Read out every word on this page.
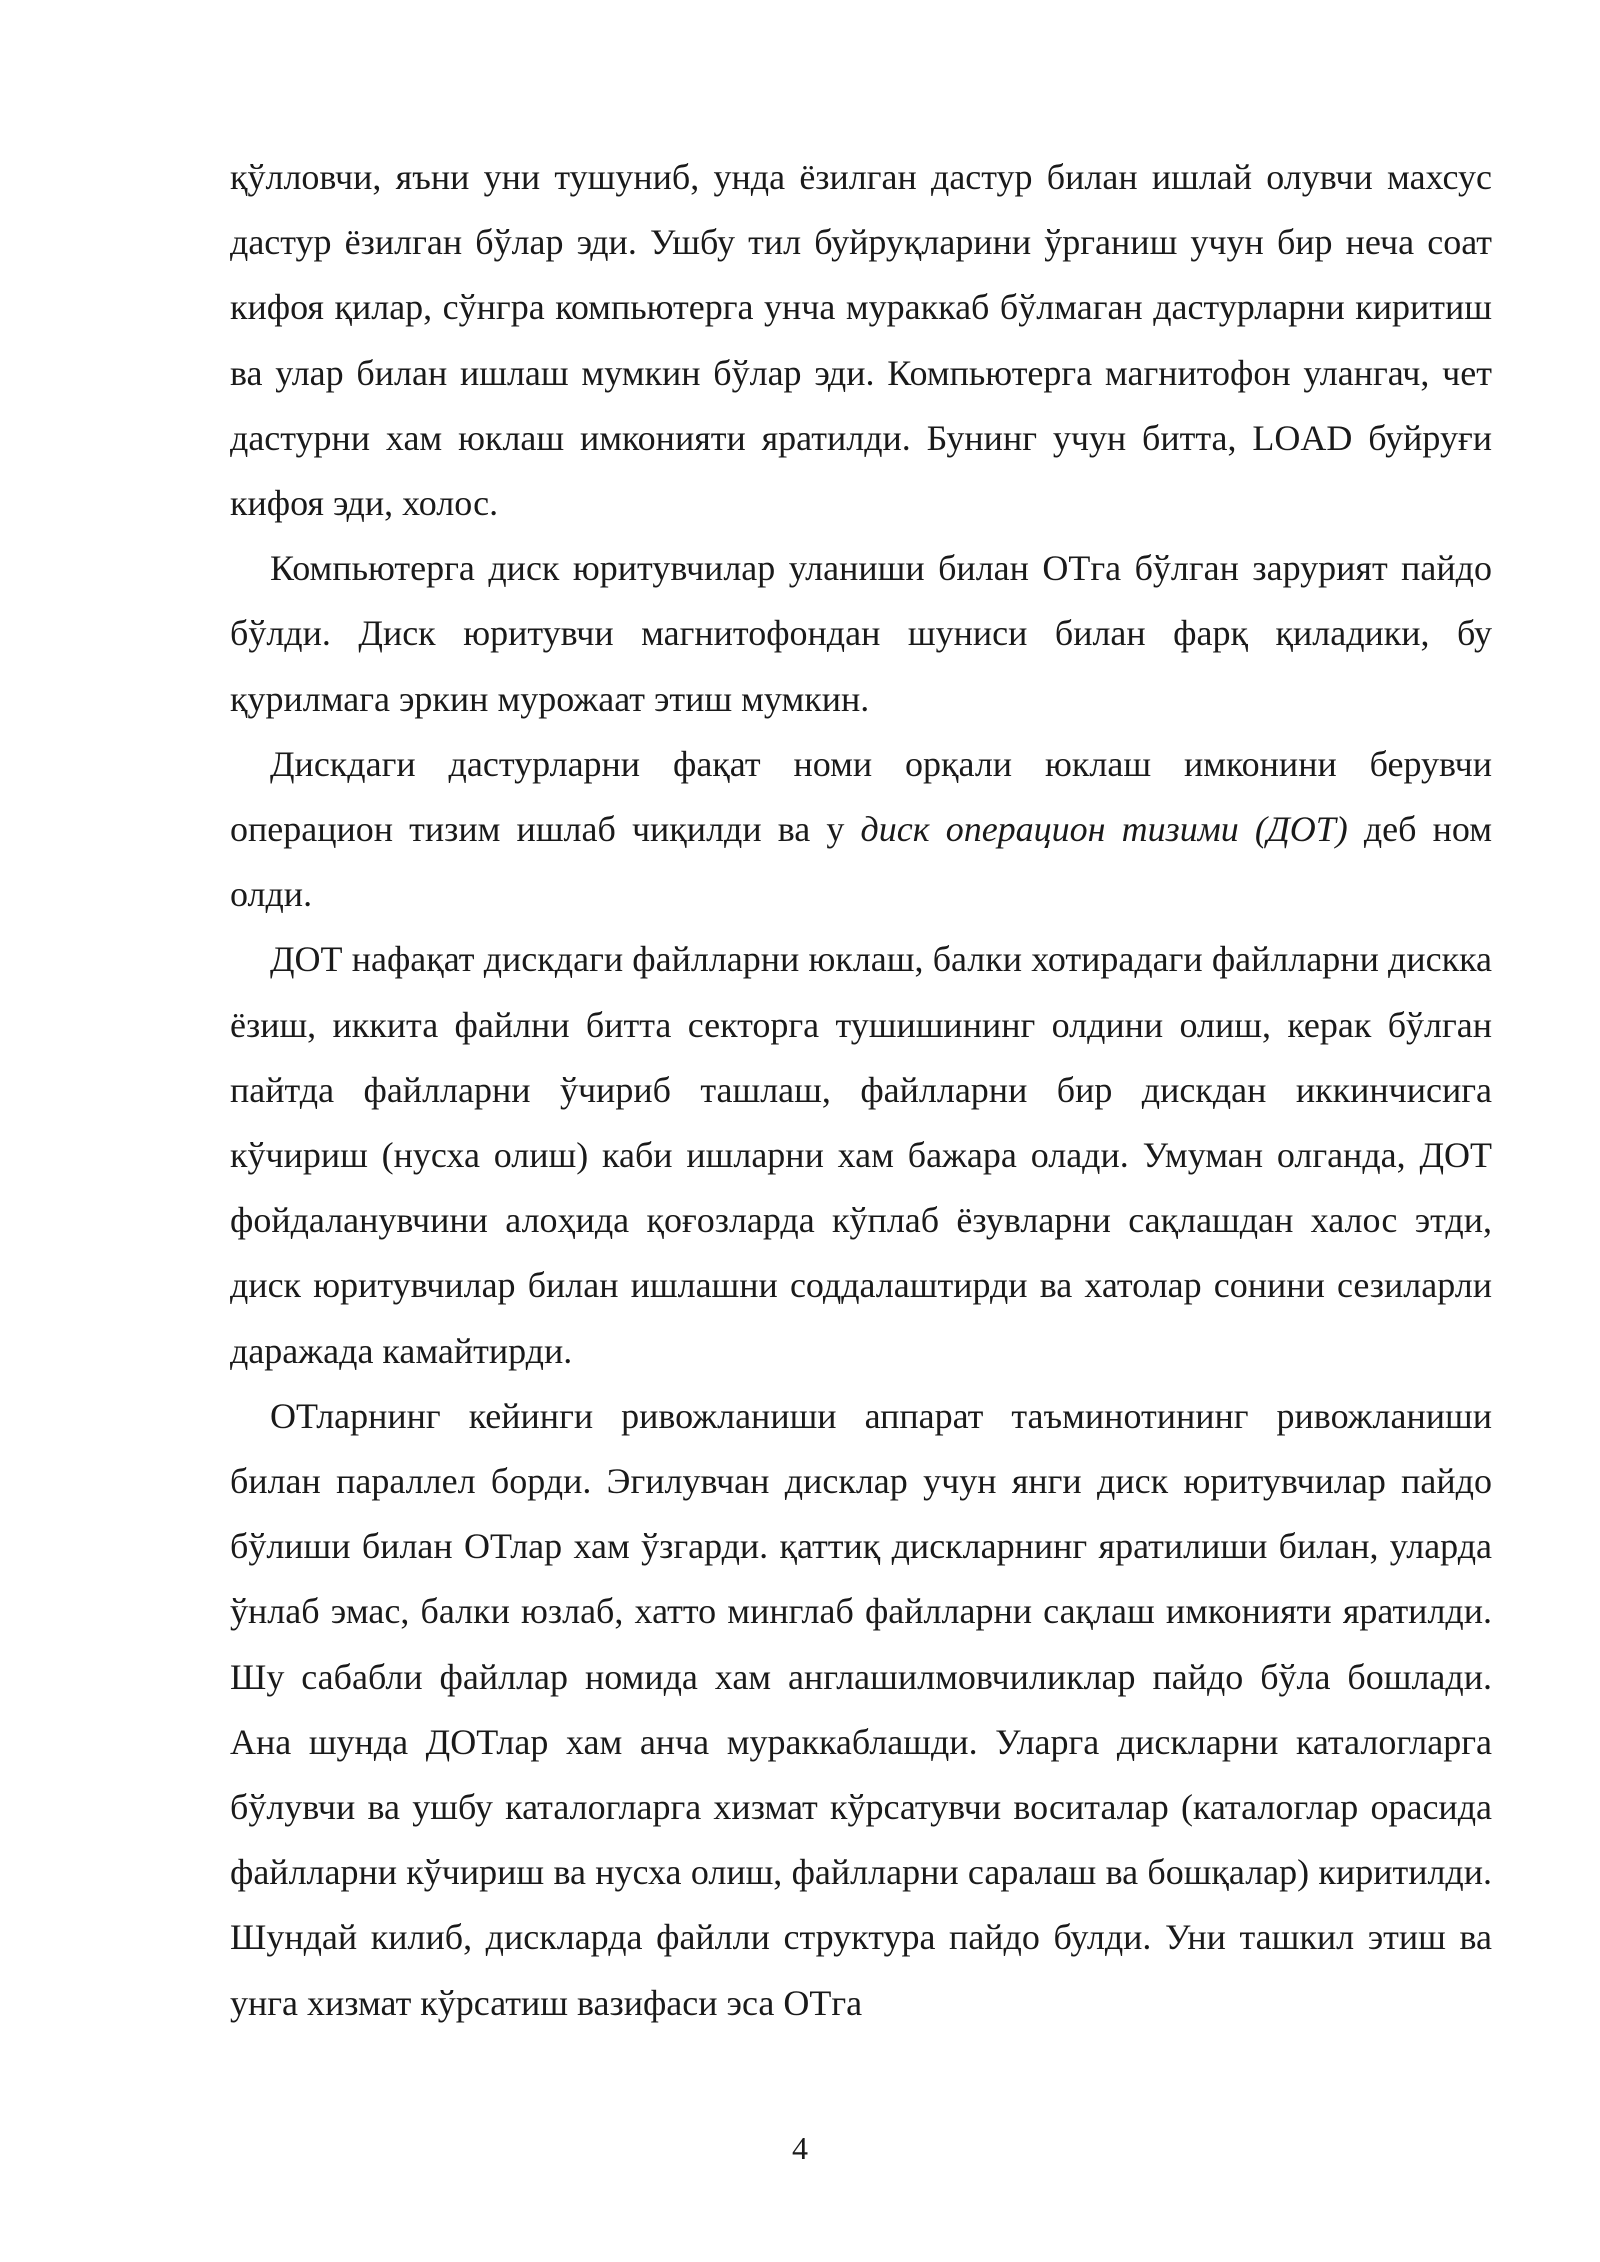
қўлловчи, яъни уни тушуниб, унда ёзилган дастур билан ишлай олувчи махсус дастур ёзилган бўлар эди. Ушбу тил буйруқларини ўрганиш учун бир неча соат кифоя қилар, сўнгра компьютерга унча мураккаб бўлмаган дастурларни киритиш ва улар билан ишлаш мумкин бўлар эди. Компьютерга магнитофон улангач, чет дастурни хам юклаш имконияти яратилди. Бунинг учун битта, LOAD буйруғи кифоя эди, холос.

Компьютерга диск юритувчилар уланиши билан ОТга бўлган зарурият пайдо бўлди. Диск юритувчи магнитофондан шуниси билан фарқ қиладики, бу қурилмага эркин мурожаат этиш мумкин.

Дискдаги дастурларни фақат номи орқали юклаш имконини берувчи операцион тизим ишлаб чиқилди ва у диск операцион тизими (ДОТ) деб ном олди.

ДОТ нафақат дискдаги файлларни юклаш, балки хотирадаги файлларни дискка ёзиш, иккита файлни битта секторга тушишининг олдини олиш, керак бўлган пайтда файлларни ўчириб ташлаш, файлларни бир дискдан иккинчисига кўчириш (нусха олиш) каби ишларни хам бажара олади. Умуман олганда, ДОТ фойдаланувчини алоҳида қоғозларда кўплаб ёзувларни сақлашдан халос этди, диск юритувчилар билан ишлашни соддалаштирди ва хатолар сонини сезиларли даражада камайтирди.

ОТларнинг кейинги ривожланиши аппарат таъминотининг ривожланиши билан параллел борди. Эгилувчан дисклар учун янги диск юритувчилар пайдо бўлиши билан ОТлар хам ўзгарди. қаттиқ дискларнинг яратилиши билан, уларда ўнлаб эмас, балки юзлаб, хатто минглаб файлларни сақлаш имконияти яратилди. Шу сабабли файллар номида хам англашилмовчиликлар пайдо бўла бошлади. Ана шунда ДОТлар хам анча мураккаблашди. Уларга дискларни каталогларга бўлувчи ва ушбу каталогларга хизмат кўрсатувчи воситалар (каталоглар орасида файлларни кўчириш ва нусха олиш, файлларни саралаш ва бошқалар) киритилди. Шундай килиб, дискларда файлли структура пайдо булди. Уни ташкил этиш ва унга хизмат кўрсатиш вазифаси эса ОТга

4
